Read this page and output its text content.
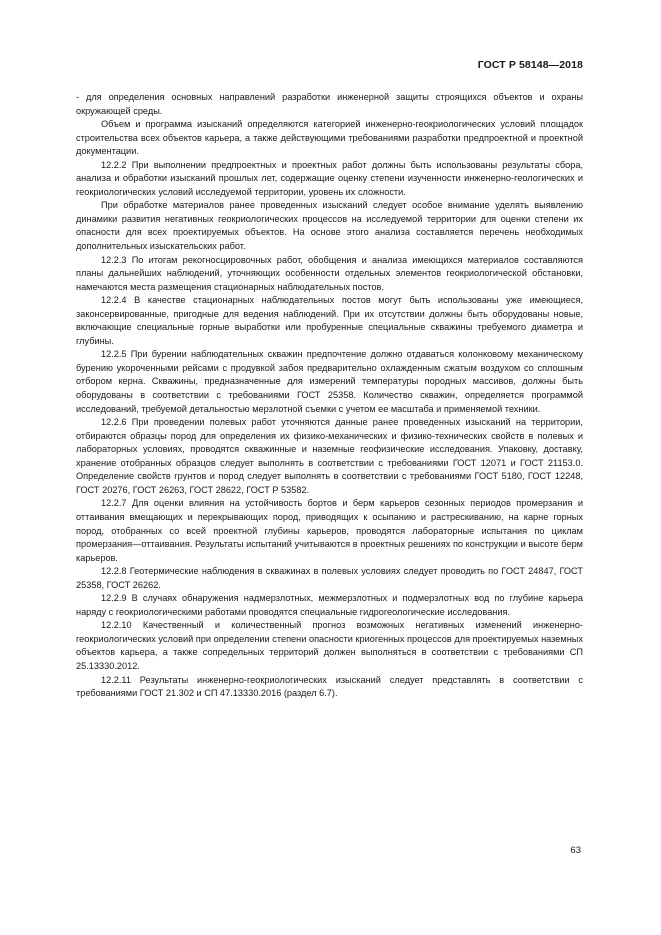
ГОСТ Р 58148—2018

- для определения основных направлений разработки инженерной защиты строящихся объектов и охраны окружающей среды.

Объем и программа изысканий определяются категорией инженерно-геокриологических условий площадок строительства всех объектов карьера, а также действующими требованиями разработки предпроектной и проектной документации.

12.2.2 При выполнении предпроектных и проектных работ должны быть использованы результаты сбора, анализа и обработки изысканий прошлых лет, содержащие оценку степени изученности инженерно-геологических и геокриологических условий исследуемой территории, уровень их сложности.

При обработке материалов ранее проведенных изысканий следует особое внимание уделять выявлению динамики развития негативных геокриологических процессов на исследуемой территории для оценки степени их опасности для всех проектируемых объектов. На основе этого анализа составляется перечень необходимых дополнительных изыскательских работ.

12.2.3 По итогам рекогносцировочных работ, обобщения и анализа имеющихся материалов составляются планы дальнейших наблюдений, уточняющих особенности отдельных элементов геокриологической обстановки, намечаются места размещения стационарных наблюдательных постов.

12.2.4 В качестве стационарных наблюдательных постов могут быть использованы уже имеющиеся, законсервированные, пригодные для ведения наблюдений. При их отсутствии должны быть оборудованы новые, включающие специальные горные выработки или пробуренные специальные скважины требуемого диаметра и глубины.

12.2.5 При бурении наблюдательных скважин предпочтение должно отдаваться колонковому механическому бурению укороченными рейсами с продувкой забоя предварительно охлажденным сжатым воздухом со сплошным отбором керна. Скважины, предназначенные для измерений температуры породных массивов, должны быть оборудованы в соответствии с требованиями ГОСТ 25358. Количество скважин, определяется программой исследований, требуемой детальностью мерзлотной съемки с учетом ее масштаба и применяемой техники.

12.2.6 При проведении полевых работ уточняются данные ранее проведенных изысканий на территории, отбираются образцы пород для определения их физико-механических и физико-технических свойств в полевых и лабораторных условиях, проводятся скважинные и наземные геофизические исследования. Упаковку, доставку, хранение отобранных образцов следует выполнять в соответствии с требованиями ГОСТ 12071 и ГОСТ 21153.0. Определение свойств грунтов и пород следует выполнять в соответствии с требованиями ГОСТ 5180, ГОСТ 12248, ГОСТ 20276, ГОСТ 26263, ГОСТ 28622, ГОСТ Р 53582.

12.2.7 Для оценки влияния на устойчивость бортов и берм карьеров сезонных периодов промерзания и оттаивания вмещающих и перекрывающих пород, приводящих к осыпанию и растрескиванию, на карне горных пород, отобранных со всей проектной глубины карьеров, проводятся лабораторные испытания по циклам промерзания—оттаивания. Результаты испытаний учитываются в проектных решениях по конструкции и высоте берм карьеров.

12.2.8 Геотермические наблюдения в скважинах в полевых условиях следует проводить по ГОСТ 24847, ГОСТ 25358, ГОСТ 26262.

12.2.9 В случаях обнаружения надмерзлотных, межмерзлотных и подмерзлотных вод по глубине карьера наряду с геокриологическими работами проводятся специальные гидрогеологические исследования.

12.2.10 Качественный и количественный прогноз возможных негативных изменений инженерно-геокриологических условий при определении степени опасности криогенных процессов для проектируемых наземных объектов карьера, а также сопредельных территорий должен выполняться в соответствии с требованиями СП 25.13330.2012.

12.2.11 Результаты инженерно-геокриологических изысканий следует представлять в соответствии с требованиями ГОСТ 21.302 и СП 47.13330.2016 (раздел 6.7).

63
